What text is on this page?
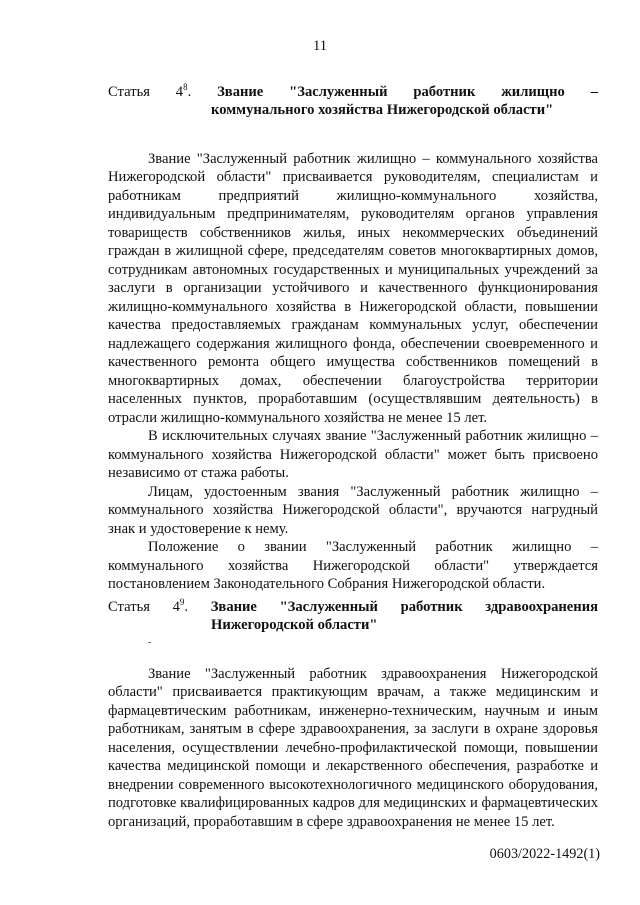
11
Статья $4^8$. Звание "Заслуженный работник жилищно –
коммунального хозяйства Нижегородской области"

Звание "Заслуженный работник жилищно – коммунального хозяйства Нижегородской области" присваивается руководителям, специалистам и работникам предприятий жилищно-коммунального хозяйства, индивидуальным предпринимателям, руководителям органов управления товариществ собственников жилья, иных некоммерческих объединений граждан в жилищной сфере, председателям советов многоквартирных домов, сотрудникам автономных государственных и муниципальных учреждений за заслуги в организации устойчивого и качественного функционирования жилищно-коммунального хозяйства в Нижегородской области, повышении качества предоставляемых гражданам коммунальных услуг, обеспечении надлежащего содержания жилищного фонда, обеспечении своевременного и качественного ремонта общего имущества собственников помещений в многоквартирных домах, обеспечении благоустройства территории населенных пунктов, проработавшим (осуществлявшим деятельность) в отрасли жилищно-коммунального хозяйства не менее 15 лет.

В исключительных случаях звание "Заслуженный работник жилищно – коммунального хозяйства Нижегородской области" может быть присвоено независимо от стажа работы.

Лицам, удостоенным звания "Заслуженный работник жилищно – коммунального хозяйства Нижегородской области", вручаются нагрудный знак и удостоверение к нему.

Положение о звании "Заслуженный работник жилищно – коммунального хозяйства Нижегородской области" утверждается постановлением Законодательного Собрания Нижегородской области.

Статья $4^9$. Звание "Заслуженный работник здравоохранения
Нижегородской области"

Звание "Заслуженный работник здравоохранения Нижегородской области" присваивается практикующим врачам, а также медицинским и фармацевтическим работникам, инженерно-техническим, научным и иным работникам, занятым в сфере здравоохранения, за заслуги в охране здоровья населения, осуществлении лечебно-профилактической помощи, повышении качества медицинской помощи и лекарственного обеспечения, разработке и внедрении современного высокотехнологичного медицинского оборудования, подготовке квалифицированных кадров для медицинских и фармацевтических организаций, проработавшим в сфере здравоохранения не менее 15 лет.

-
0603/2022-1492(1)
